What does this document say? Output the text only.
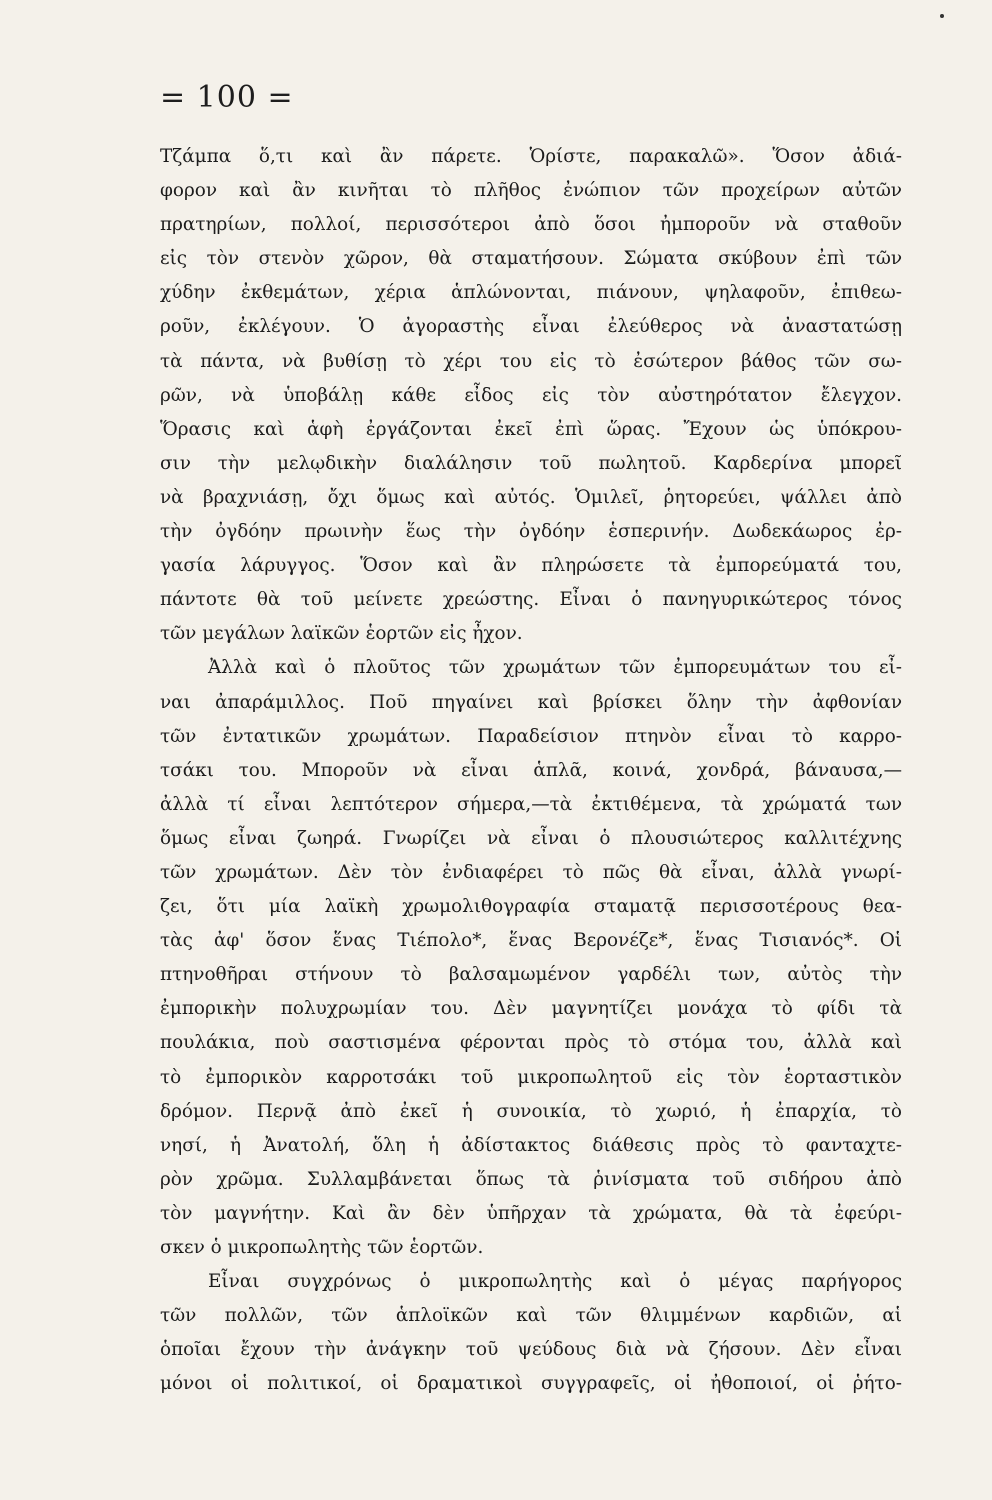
= 100 =
Τζάμπα ὅ,τι καὶ ἂν πάρετε. Ὁρίστε, παρακαλῶ». Ὅσον ἀδιά-
φορον καὶ ἂν κινῆται τὸ πλῆθος ἐνώπιον τῶν προχείρων αὐτῶν
πρατηρίων, πολλοί, περισσότεροι ἀπὸ ὅσοι ἠμποροῦν νὰ σταθοῦν
εἰς τὸν στενὸν χῶρον, θὰ σταματήσουν. Σώματα σκύβουν ἐπὶ τῶν
χύδην ἐκθεμάτων, χέρια ἁπλώνονται, πιάνουν, ψηλαφοῦν, ἐπιθεω-
ροῦν, ἐκλέγουν. Ὁ ἀγοραστὴς εἶναι ἐλεύθερος νὰ ἀναστατώσῃ
τὰ πάντα, νὰ βυθίσῃ τὸ χέρι του εἰς τὸ ἐσώτερον βάθος τῶν σω-
ρῶν, νὰ ὑποβάλῃ κάθε εἶδος εἰς τὸν αὐστηρότατον ἔλεγχον.
Ὅρασις καὶ ἁφὴ ἐργάζονται ἐκεῖ ἐπὶ ὥρας. Ἔχουν ὡς ὑπόκρου-
σιν τὴν μελῳδικὴν διαλάλησιν τοῦ πωλητοῦ. Καρδερίνα μπορεῖ
νὰ βραχνιάσῃ, ὄχι ὅμως καὶ αὐτός. Ὁμιλεῖ, ῥητορεύει, ψάλλει ἀπὸ
τὴν ὀγδόην πρωινὴν ἕως τὴν ὀγδόην ἑσπερινήν. Δωδεκάωρος ἐρ-
γασία λάρυγγος. Ὅσον καὶ ἂν πληρώσετε τὰ ἐμπορεύματά του,
πάντοτε θὰ τοῦ μείνετε χρεώστης. Εἶναι ὁ πανηγυρικώτερος τόνος
τῶν μεγάλων λαϊκῶν ἑορτῶν εἰς ἦχον.
Ἀλλὰ καὶ ὁ πλοῦτος τῶν χρωμάτων τῶν ἐμπορευμάτων του εἶ-
ναι ἀπαράμιλλος. Ποῦ πηγαίνει καὶ βρίσκει ὅλην τὴν ἀφθονίαν
τῶν ἐντατικῶν χρωμάτων. Παραδείσιον πτηνὸν εἶναι τὸ καρρο-
τσάκι του. Μποροῦν νὰ εἶναι ἁπλᾶ, κοινά, χονδρά, βάναυσα,—
ἀλλὰ τί εἶναι λεπτότερον σήμερα,—τὰ ἐκτιθέμενα, τὰ χρώματά των
ὅμως εἶναι ζωηρά. Γνωρίζει νὰ εἶναι ὁ πλουσιώτερος καλλιτέχνης
τῶν χρωμάτων. Δὲν τὸν ἐνδιαφέρει τὸ πῶς θὰ εἶναι, ἀλλὰ γνωρί-
ζει, ὅτι μία λαϊκὴ χρωμολιθογραφία σταματᾷ περισσοτέρους θεα-
τὰς ἀφ' ὅσον ἕνας Τιέπολο*, ἕνας Βερονέζε*, ἕνας Τισιανός*. Οἱ
πτηνοθῆραι στήνουν τὸ βαλσαμωμένον γαρδέλι των, αὐτὸς τὴν
ἐμπορικὴν πολυχρωμίαν του. Δὲν μαγνητίζει μονάχα τὸ φίδι τὰ
πουλάκια, ποὺ σαστισμένα φέρονται πρὸς τὸ στόμα του, ἀλλὰ καὶ
τὸ ἐμπορικὸν καρροτσάκι τοῦ μικροπωλητοῦ εἰς τὸν ἑορταστικὸν
δρόμον. Περνᾷ ἀπὸ ἐκεῖ ἡ συνοικία, τὸ χωριό, ἡ ἐπαρχία, τὸ
νησί, ἡ Ἀνατολή, ὅλη ἡ ἀδίστακτος διάθεσις πρὸς τὸ φανταχτε-
ρὸν χρῶμα. Συλλαμβάνεται ὅπως τὰ ῥινίσματα τοῦ σιδήρου ἀπὸ
τὸν μαγνήτην. Καὶ ἂν δὲν ὑπῆρχαν τὰ χρώματα, θὰ τὰ ἐφεύρι-
σκεν ὁ μικροπωλητὴς τῶν ἑορτῶν.
Εἶναι συγχρόνως ὁ μικροπωλητὴς καὶ ὁ μέγας παρήγορος
τῶν πολλῶν, τῶν ἁπλοϊκῶν καὶ τῶν θλιμμένων καρδιῶν, αἱ
ὁποῖαι ἔχουν τὴν ἀνάγκην τοῦ ψεύδους διὰ νὰ ζήσουν. Δὲν εἶναι
μόνοι οἱ πολιτικοί, οἱ δραματικοὶ συγγραφεῖς, οἱ ἠθοποιοί, οἱ ῥήτο-
